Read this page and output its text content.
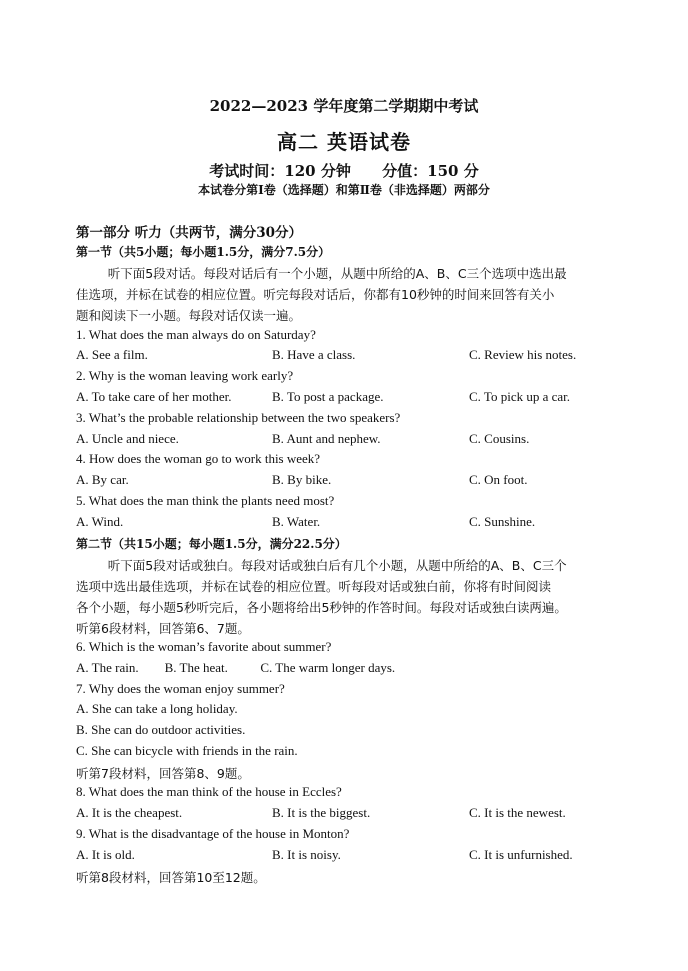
2022—2023 学年度第二学期期中考试
高二 英语试卷
考试时间：120 分钟      分值：150 分
本试卷分第Ⅰ卷（选择题）和第Ⅱ卷（非选择题）两部分
第一部分 听力（共两节，满分30分）
第一节（共5小题；每小题1.5分，满分7.5分）
听下面5段对话。每段对话后有一个小题，从题中所给的A、B、C三个选项中选出最
佳选项，并标在试卷的相应位置。听完每段对话后，你都有10秒钟的时间来回答有关小
题和阅读下一小题。每段对话仅读一遍。
1. What does the man always do on Saturday?
A. See a film.	B. Have a class.	C. Review his notes.
2. Why is the woman leaving work early?
A. To take care of her mother.	B. To post a package.	C. To pick up a car.
3. What’s the probable relationship between the two speakers?
A. Uncle and niece.	B. Aunt and nephew.	C. Cousins.
4. How does the woman go to work this week?
A. By car.	B. By bike.	C. On foot.
5. What does the man think the plants need most?
A. Wind.	B. Water.	C. Sunshine.
第二节（共15小题；每小题1.5分，满分22.5分）
听下面5段对话或独白。每段对话或独白后有几个小题，从题中所给的A、B、C三个
选项中选出最佳选项，并标在试卷的相应位置。听每段对话或独白前，你将有时间阅读
各个小题，每小题5秒听完后，各小题将给出5秒钟的作答时间。每段对话或独白读两遍。
听第6段材料，回答第6、7题。
6. Which is the woman’s favorite about summer?
A. The rain.        B. The heat.          C. The warm longer days.
7. Why does the woman enjoy summer?
A. She can take a long holiday.
B. She can do outdoor activities.
C. She can bicycle with friends in the rain.
听第7段材料，回答第8、9题。
8. What does the man think of the house in Eccles?
A. It is the cheapest.	B. It is the biggest.	C. It is the newest.
9. What is the disadvantage of the house in Monton?
A. It is old.	B. It is noisy.	C. It is unfurnished.
听第8段材料，回答第10至12题。
